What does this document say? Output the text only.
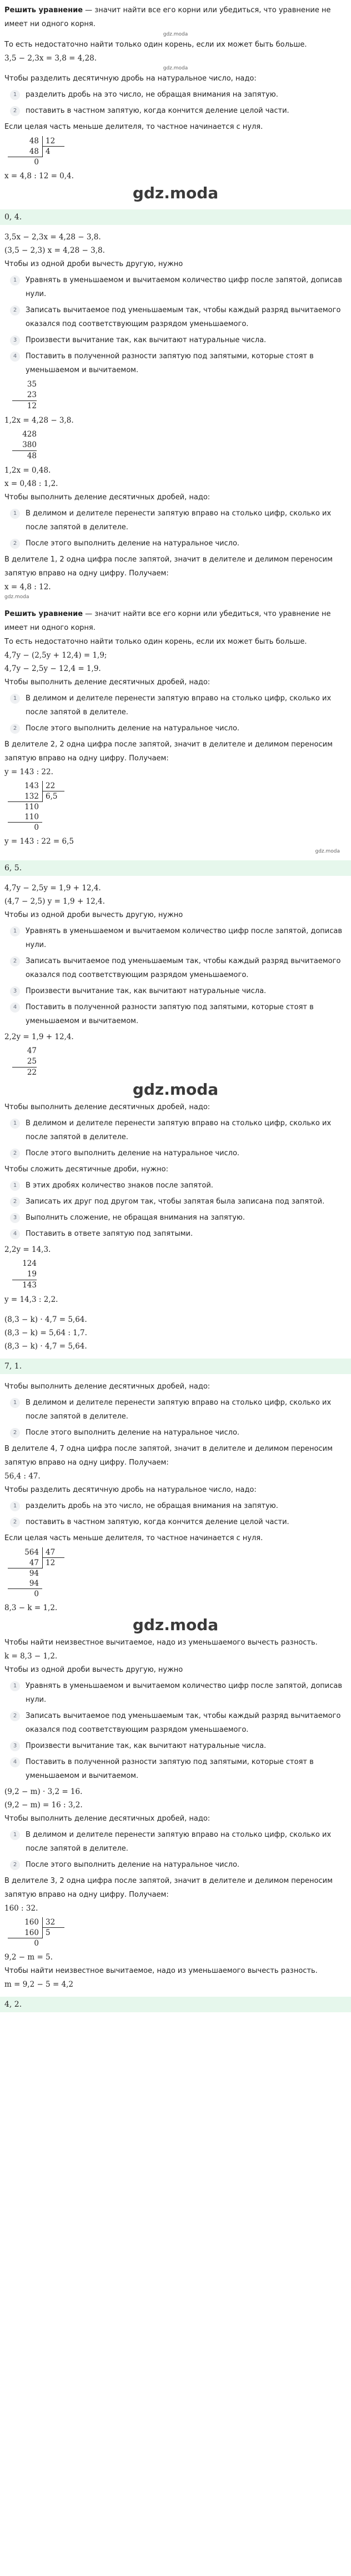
Решить уравнение — значит найти все его корни или убедиться, что уравнение не имеет ни одного корня.

gdz.moda

То есть недостаточно найти только один корень, если их может быть больше.

3,5 − 2,3x = 3,8 = 4,28.

gdz.moda

Чтобы разделить десятичную дробь на натуральное число, надо:

1	разделить дробь на это число, не обращая внимания на запятую.

2	поставить в частном запятую, когда кончится деление целой части.

Если целая часть меньше делителя, то частное начинается с нуля.

48 12
48 4
0

x = 4,8 : 12 = 0,4.

gdz.moda
0, 4.

3,5x − 2,3x = 4,28 − 3,8.

(3,5 − 2,3) x = 4,28 − 3,8.

Чтобы из одной дроби вычесть другую, нужно

1	Уравнять в уменьшаемом и вычитаемом количество цифр после запятой, дописав нули.

2	Записать вычитаемое под уменьшаемым так, чтобы каждый разряд вычитаемого оказался под соответствующим разрядом уменьшаемого.

3	Произвести вычитание так, как вычитают натуральные числа.

4	Поставить в полученной разности запятую под запятыми, которые стоят в уменьшаемом и вычитаемом.

35
23
12

1,2x = 4,28 − 3,8.

428
380
48

1,2x = 0,48.

x = 0,48 : 1,2.

Чтобы выполнить деление десятичных дробей, надо:

1	В делимом и делителе перенести запятую вправо на столько цифр, сколько их после запятой в делителе.

2	После этого выполнить деление на натуральное число.

В делителе 1, 2 одна цифра после запятой, значит в делителе и делимом переносим запятую вправо на одну цифру. Получаем:

x = 4,8 : 12.

gdz.moda

Решить уравнение — значит найти все его корни или убедиться, что уравнение не имеет ни одного корня.

То есть недостаточно найти только один корень, если их может быть больше.

4,7y − (2,5y + 12,4) = 1,9;

4,7y − 2,5y − 12,4 = 1,9.

Чтобы выполнить деление десятичных дробей, надо:

1	В делимом и делителе перенести запятую вправо на столько цифр, сколько их после запятой в делителе.

2	После этого выполнить деление на натуральное число.

В делителе 2, 2 одна цифра после запятой, значит в делителе и делимом переносим запятую вправо на одну цифру. Получаем:

y = 143 : 22.

143 22
132 6,5
110
110
0

y = 143 : 22 = 6,5

gdz.moda
6, 5.

4,7y − 2,5y = 1,9 + 12,4.

(4,7 − 2,5) y = 1,9 + 12,4.

Чтобы из одной дроби вычесть другую, нужно

1	Уравнять в уменьшаемом и вычитаемом количество цифр после запятой, дописав нули.

2	Записать вычитаемое под уменьшаемым так, чтобы каждый разряд вычитаемого оказался под соответствующим разрядом уменьшаемого.

3	Произвести вычитание так, как вычитают натуральные числа.

4	Поставить в полученной разности запятую под запятыми, которые стоят в уменьшаемом и вычитаемом.

2,2y = 1,9 + 12,4.

47
25
22
gdz.moda

Чтобы выполнить деление десятичных дробей, надо:

1	В делимом и делителе перенести запятую вправо на столько цифр, сколько их после запятой в делителе.

2	После этого выполнить деление на натуральное число.

Чтобы сложить десятичные дроби, нужно:

1	В этих дробях количество знаков после запятой.

2	Записать их друг под другом так, чтобы запятая была записана под запятой.

3	Выполнить сложение, не обращая внимания на запятую.

4	Поставить в ответе запятую под запятыми.

2,2y = 14,3.

124
19
143

y = 14,3 : 2,2.

(8,3 − k) · 4,7 = 5,64.

(8,3 − k) = 5,64 : 1,7.

(8,3 − k) · 4,7 = 5,64.

7, 1.

Чтобы выполнить деление десятичных дробей, надо:

1	В делимом и делителе перенести запятую вправо на столько цифр, сколько их после запятой в делителе.

2	После этого выполнить деление на натуральное число.

В делителе 4, 7 одна цифра после запятой, значит в делителе и делимом переносим запятую вправо на одну цифру. Получаем:

56,4 : 47.

Чтобы разделить десятичную дробь на натуральное число, надо:

1	разделить дробь на это число, не обращая внимания на запятую.

2	поставить в частном запятую, когда кончится деление целой части.

Если целая часть меньше делителя, то частное начинается с нуля.

564 47
47 12
94
94
0

8,3 − k = 1,2.

gdz.moda

Чтобы найти неизвестное вычитаемое, надо из уменьшаемого вычесть разность.

k = 8,3 − 1,2.

Чтобы из одной дроби вычесть другую, нужно

1	Уравнять в уменьшаемом и вычитаемом количество цифр после запятой, дописав нули.

2	Записать вычитаемое под уменьшаемым так, чтобы каждый разряд вычитаемого оказался под соответствующим разрядом уменьшаемого.

3	Произвести вычитание так, как вычитают натуральные числа.

4	Поставить в полученной разности запятую под запятыми, которые стоят в уменьшаемом и вычитаемом.

(9,2 − m) · 3,2 = 16.

(9,2 − m) = 16 : 3,2.

Чтобы выполнить деление десятичных дробей, надо:

1	В делимом и делителе перенести запятую вправо на столько цифр, сколько их после запятой в делителе.

2	После этого выполнить деление на натуральное число.

В делителе 3, 2 одна цифра после запятой, значит в делителе и делимом переносим запятую вправо на одну цифру. Получаем:

160 : 32.

160 32
160 5
0

9,2 − m = 5.

Чтобы найти неизвестное вычитаемое, надо из уменьшаемого вычесть разность.

m = 9,2 − 5 = 4,2

4, 2.
